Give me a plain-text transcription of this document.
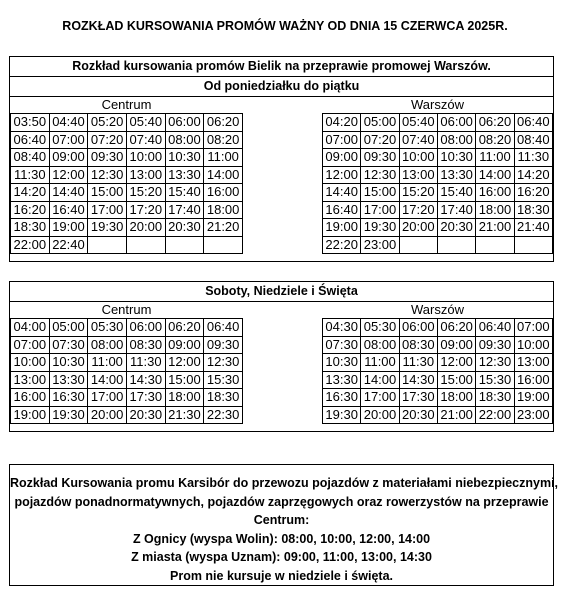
ROZKŁAD KURSOWANIA PROMÓW WAŻNY OD DNIA 15 CZERWCA 2025R.
Rozkład kursowania promów Bielik na przeprawie promowej Warszów.
Od poniedziałku do piątku
Centrum	Warszów
03:50	04:40	05:20	05:40	06:00	06:20
06:40	07:00	07:20	07:40	08:00	08:20
08:40	09:00	09:30	10:00	10:30	11:00
11:30	12:00	12:30	13:00	13:30	14:00
14:20	14:40	15:00	15:20	15:40	16:00
16:20	16:40	17:00	17:20	17:40	18:00
18:30	19:00	19:30	20:00	20:30	21:20
22:00	22:40				
04:20	05:00	05:40	06:00	06:20	06:40
07:00	07:20	07:40	08:00	08:20	08:40
09:00	09:30	10:00	10:30	11:00	11:30
12:00	12:30	13:00	13:30	14:00	14:20
14:40	15:00	15:20	15:40	16:00	16:20
16:40	17:00	17:20	17:40	18:00	18:30
19:00	19:30	20:00	20:30	21:00	21:40
22:20	23:00				
Soboty, Niedziele i Święta
Centrum	Warszów
04:00	05:00	05:30	06:00	06:20	06:40
07:00	07:30	08:00	08:30	09:00	09:30
10:00	10:30	11:00	11:30	12:00	12:30
13:00	13:30	14:00	14:30	15:00	15:30
16:00	16:30	17:00	17:30	18:00	18:30
19:00	19:30	20:00	20:30	21:30	22:30
04:30	05:30	06:00	06:20	06:40	07:00
07:30	08:00	08:30	09:00	09:30	10:00
10:30	11:00	11:30	12:00	12:30	13:00
13:30	14:00	14:30	15:00	15:30	16:00
16:30	17:00	17:30	18:00	18:30	19:00
19:30	20:00	20:30	21:00	22:00	23:00
Rozkład Kursowania promu Karsibór do przewozu pojazdów z materiałami niebezpiecznymi,
pojazdów ponadnormatywnych, pojazdów zaprzęgowych oraz rowerzystów na przeprawie
Centrum:
Z Ognicy (wyspa Wolin): 08:00, 10:00, 12:00, 14:00
Z miasta (wyspa Uznam): 09:00, 11:00, 13:00, 14:30
Prom nie kursuje w niedziele i święta.
